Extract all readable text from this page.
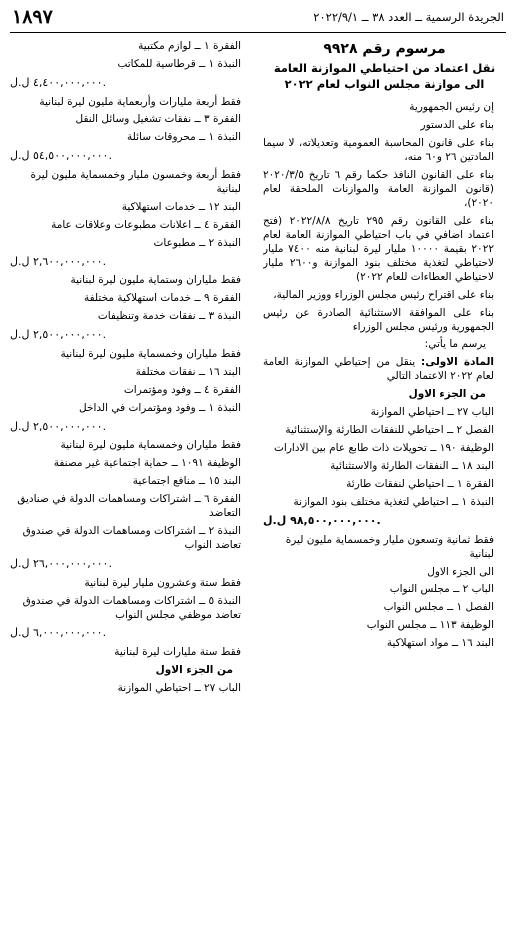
الجريدة الرسمية ــ العدد ٣٨ ــ ٢٠٢٢/٩/١
١٨٩٧
مرسوم رقم ٩٩٢٨
نقل اعتماد من احتياطي الموازنة العامة
الى موازنة مجلس النواب لعام ٢٠٢٢

إن رئيس الجمهورية

بناء على الدستور

بناء على قانون المحاسبة العمومية وتعديلاته، لا سيما المادتين ٢٦ و٦٠ منه،

بناء على القانون النافذ حكما رقم ٦ تاريخ ٢٠٢٠/٣/٥ (قانون الموازنة العامة والموازنات الملحقة لعام ٢٠٢٠)،

بناء على القانون رقم ٢٩٥ تاريخ ٢٠٢٢/٨/٨ (فتح اعتماد اضافي في باب احتياطي الموازنة العامة لعام ٢٠٢٢ بقيمة ١٠٠٠٠ مليار ليرة لبنانية منه ٧٤٠٠ مليار لاحتياطي لتغذية مختلف بنود الموازنة و٢٦٠٠ مليار لاحتياطي العطاءات للعام ٢٠٢٢)

بناء على اقتراح رئيس مجلس الوزراء ووزير المالية،

بناء على الموافقة الاستثنائية الصادرة عن رئيس الجمهورية ورئيس مجلس الوزراء

يرسم ما يأتي:

المادة الاولى: ينقل من إحتياطي الموازنة العامة لعام ٢٠٢٢ الاعتماد التالي

من الجزء الاول

الباب ٢٧ ــ احتياطي الموازنة

الفصل ٢ ــ احتياطي للنفقات الطارئة والإستثنائية

الوظيفة ١٩٠ ــ تحويلات ذات طابع عام بين الادارات

البند ١٨ ــ النفقات الطارئة والاستثنائية

الفقرة ١ ــ احتياطي لنفقات طارئة

النبذة ١ ــ احتياطي لتغذية مختلف بنود الموازنة

٩٨,٥٠٠,٠٠٠,٠٠٠ ل.ل.

فقط ثمانية وتسعون مليار وخمسماية مليون ليرة لبنانية

الى الجزء الاول

الباب ٢ ــ مجلس النواب

الفصل ١ ــ مجلس النواب

الوظيفة ١١٣ ــ مجلس النواب

البند ١٦ ــ مواد استهلاكية

الفقرة ١ ــ لوازم مكتبية

النبذة ١ ــ قرطاسية للمكاتب

٤,٤٠٠,٠٠٠,٠٠٠ ل.ل.

فقط أربعة مليارات وأربعماية مليون ليرة لبنانية

الفقرة ٣ ــ نفقات تشغيل وسائل النقل

النبذة ١ ــ محروقات سائلة

٥٤,٥٠٠,٠٠٠,٠٠٠ ل.ل.

فقط أربعة وخمسون مليار وخمسماية مليون ليرة لبنانية

البند ١٢ ــ خدمات استهلاكية

الفقرة ٤ ــ اعلانات مطبوعات وعلاقات عامة

النبذة ٢ ــ مطبوعات

٢,٦٠٠,٠٠٠,٠٠٠ ل.ل.

فقط ملياران وستماية مليون ليرة لبنانية

الفقرة ٩ ــ خدمات استهلاكية مختلفة

النبذة ٣ ــ نفقات خدمة وتنظيفات

٢,٥٠٠,٠٠٠,٠٠٠ ل.ل.

فقط ملياران وخمسماية مليون ليرة لبنانية

البند ١٦ ــ نفقات مختلفة

الفقرة ٤ ــ وفود ومؤتمرات

النبذة ١ ــ وفود ومؤتمرات في الداخل

٢,٥٠٠,٠٠٠,٠٠٠ ل.ل.

فقط ملياران وخمسماية مليون ليرة لبنانية

الوظيفة ١٠٩١ ــ حماية اجتماعية غير مصنفة

البند ١٥ ــ منافع اجتماعية

الفقرة ٦ ــ اشتراكات ومساهمات الدولة في صناديق التعاضد

النبذة ٢ ــ اشتراكات ومساهمات الدولة في صندوق تعاضد النواب

٢٦,٠٠٠,٠٠٠,٠٠٠ ل.ل.

فقط ستة وعشرون مليار ليرة لبنانية

النبذة ٥ ــ اشتراكات ومساهمات الدولة في صندوق تعاضد موظفي مجلس النواب

٦,٠٠٠,٠٠٠,٠٠٠ ل.ل.

فقط ستة مليارات ليرة لبنانية

من الجزء الاول

الباب ٢٧ ــ احتياطي الموازنة
